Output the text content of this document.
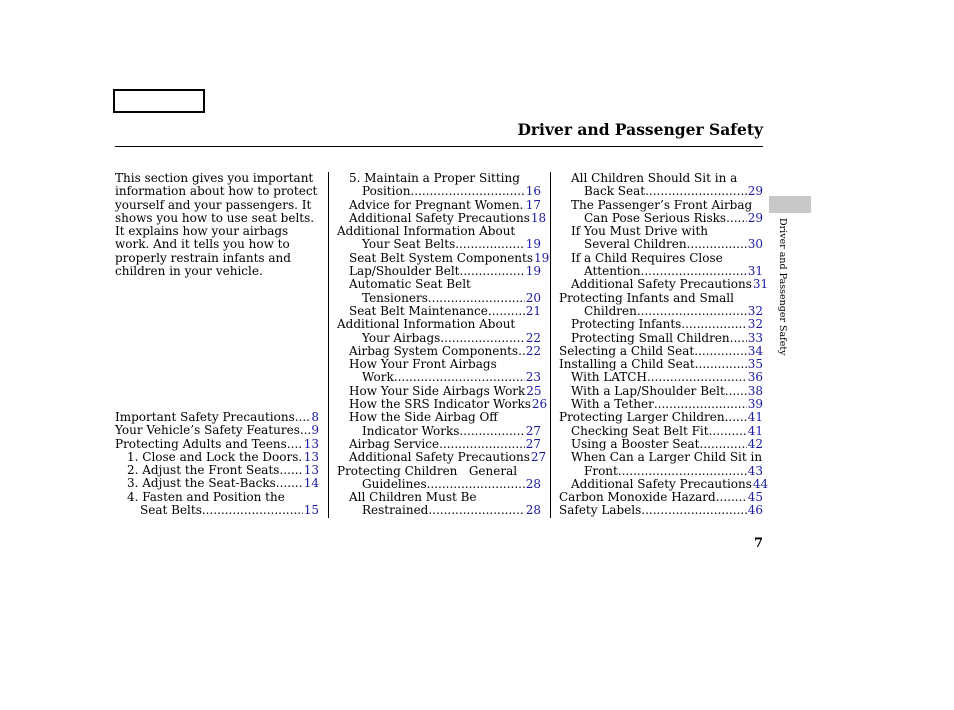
Driver and Passenger Safety
Driver and Passenger Safety
This section gives you important information about how to protect yourself and your passengers. It shows you how to use seat belts. It explains how your airbags work. And it tells you how to properly restrain infants and children in your vehicle.
Important Safety Precautions ..... 8
Your Vehicle’s Safety Features ..... 9
Protecting Adults and Teens ..... 13
1. Close and Lock the Doors ..... 13
2. Adjust the Front Seats ..... 13
3. Adjust the Seat-Backs ..... 14
4. Fasten and Position the
Seat Belts .....	15
5. Maintain a Proper Sitting
Position .....	16
Advice for Pregnant Women ..... 17
Additional Safety Precautions 18
Additional Information About
Your Seat Belts .....	19
Seat Belt System Components 19
Lap/Shoulder Belt .....	19
Automatic Seat Belt
Tensioners .....	20
Seat Belt Maintenance .....	21
Additional Information About
Your Airbags .....	22
Airbag System Components ..... 22
How Your Front Airbags
Work .....	23
How Your Side Airbags Work 25
How the SRS Indicator Works 26
How the Side Airbag Off
Indicator Works .....	27
Airbag Service .....	27
Additional Safety Precautions 27
Protecting Children   General
Guidelines .....	28
All Children Must Be
Restrained .....	28
All Children Should Sit in a
Back Seat .....	29
The Passenger’s Front Airbag
Can Pose Serious Risks ..... 29
If You Must Drive with
Several Children .....	30
If a Child Requires Close
Attention .....	31
Additional Safety Precautions 31
Protecting Infants and Small
Children .....	32
Protecting Infants .....	32
Protecting Small Children ..... 33
Selecting a Child Seat .....	34
Installing a Child Seat .....	35
With LATCH .....	36
With a Lap/Shoulder Belt ..... 38
With a Tether .....	39
Protecting Larger Children ..... 41
Checking Seat Belt Fit .....	41
Using a Booster Seat .....	42
When Can a Larger Child Sit in
Front .....	43
Additional Safety Precautions 44
Carbon Monoxide Hazard .....	45
Safety Labels .....	46
7
